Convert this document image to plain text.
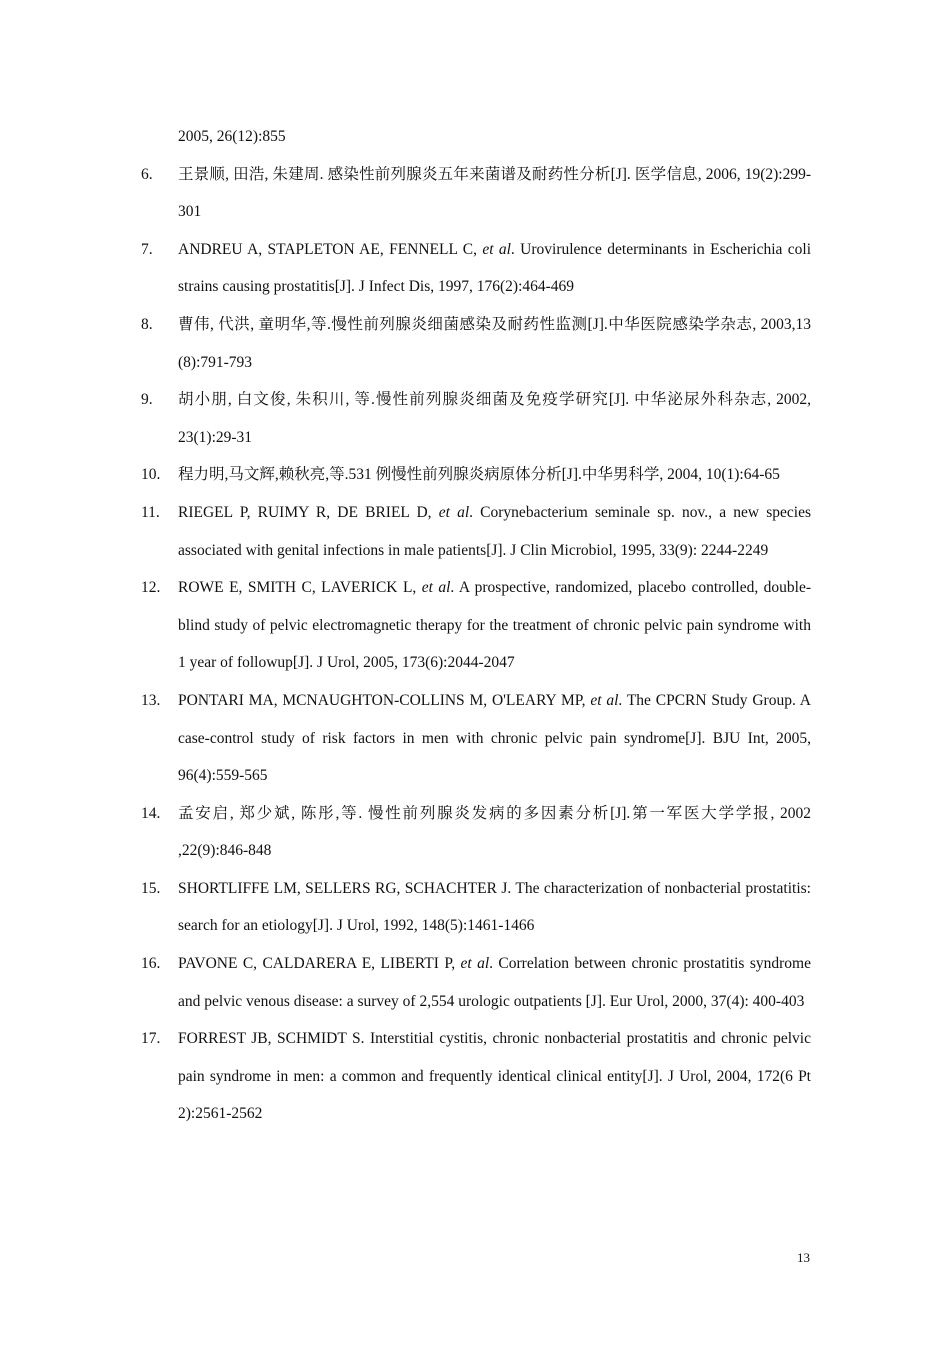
2005, 26(12):855
6.	王景顺, 田浩, 朱建周. 感染性前列腺炎五年来菌谱及耐药性分析[J]. 医学信息, 2006, 19(2):299-301
7.	ANDREU A, STAPLETON AE, FENNELL C, et al. Urovirulence determinants in Escherichia coli strains causing prostatitis[J]. J Infect Dis, 1997, 176(2):464-469
8.	曹伟, 代洪, 童明华,等.慢性前列腺炎细菌感染及耐药性监测[J].中华医院感染学杂志, 2003,13 (8):791-793
9.	胡小朋, 白文俊, 朱积川, 等.慢性前列腺炎细菌及免疫学研究[J]. 中华泌尿外科杂志, 2002, 23(1):29-31
10.	程力明,马文辉,赖秋亮,等.531 例慢性前列腺炎病原体分析[J].中华男科学, 2004, 10(1):64-65
11.	RIEGEL P, RUIMY R, DE BRIEL D, et al. Corynebacterium seminale sp. nov., a new species associated with genital infections in male patients[J]. J Clin Microbiol, 1995, 33(9): 2244-2249
12.	ROWE E, SMITH C, LAVERICK L, et al. A prospective, randomized, placebo controlled, double-blind study of pelvic electromagnetic therapy for the treatment of chronic pelvic pain syndrome with 1 year of followup[J]. J Urol, 2005, 173(6):2044-2047
13.	PONTARI MA, MCNAUGHTON-COLLINS M, O'LEARY MP, et al. The CPCRN Study Group. A case-control study of risk factors in men with chronic pelvic pain syndrome[J]. BJU Int, 2005, 96(4):559-565
14.	孟安启, 郑少斌, 陈彤,等. 慢性前列腺炎发病的多因素分析[J].第一军医大学学报, 2002 ,22(9):846-848
15.	SHORTLIFFE LM, SELLERS RG, SCHACHTER J. The characterization of nonbacterial prostatitis: search for an etiology[J]. J Urol, 1992, 148(5):1461-1466
16.	PAVONE C, CALDARERA E, LIBERTI P, et al. Correlation between chronic prostatitis syndrome and pelvic venous disease: a survey of 2,554 urologic outpatients [J]. Eur Urol, 2000, 37(4): 400-403
17.	FORREST JB, SCHMIDT S. Interstitial cystitis, chronic nonbacterial prostatitis and chronic pelvic pain syndrome in men: a common and frequently identical clinical entity[J]. J Urol, 2004, 172(6 Pt 2):2561-2562
13
